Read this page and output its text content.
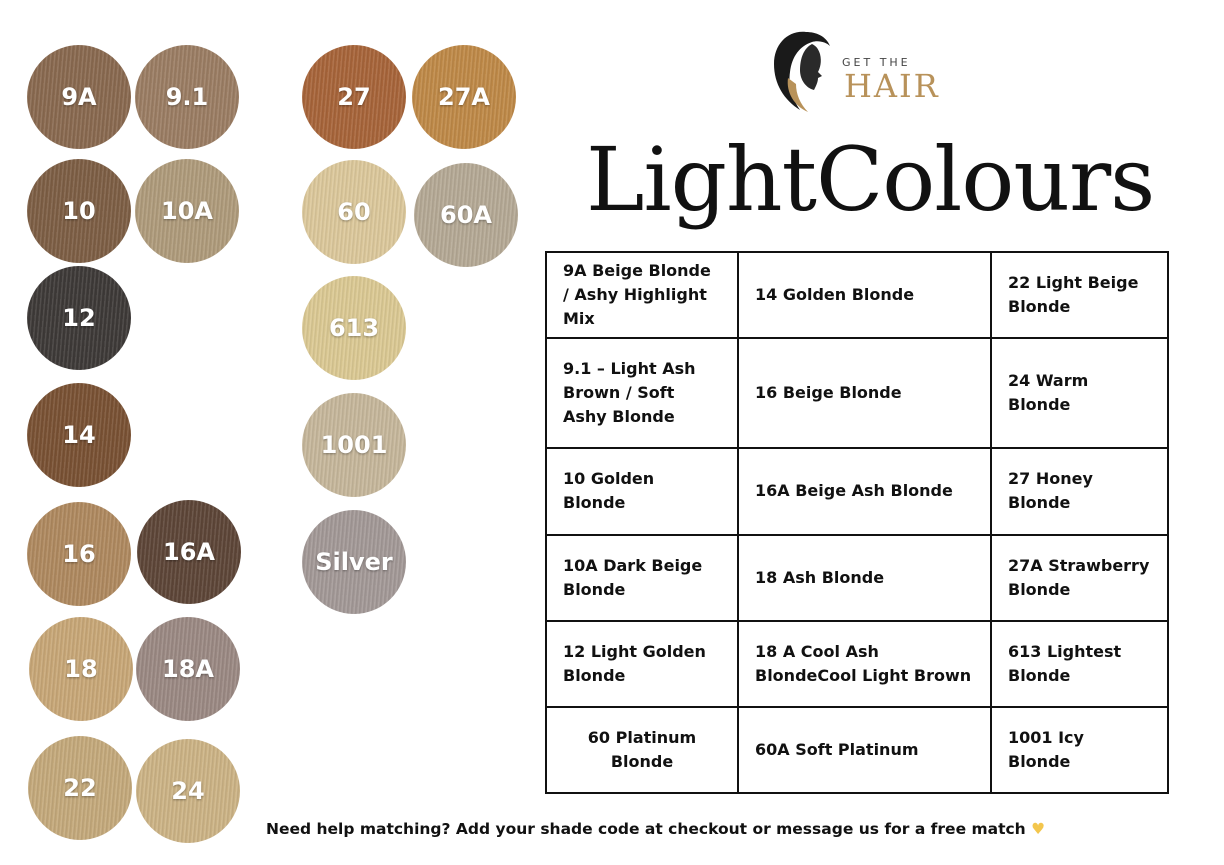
9A	9.1
10	10A
12
14
16	16A
18	18A
22	24
27	27A
60	60A
613
1001
Silver
GET THE
HAIR
LightColours
9A Beige Blonde / Ashy Highlight Mix	14 Golden Blonde	22 Light Beige Blonde
9.1 – Light Ash Brown / Soft Ashy Blonde	16 Beige Blonde	24 Warm Blonde
10 Golden Blonde	16A Beige Ash Blonde	27 Honey Blonde
10A Dark Beige Blonde	18 Ash Blonde	27A Strawberry Blonde
12 Light Golden Blonde	18 A Cool Ash BlondeCool Light Brown	613 Lightest Blonde
60 Platinum Blonde	60A Soft Platinum	1001 Icy Blonde
Need help matching? Add your shade code at checkout or message us for a free match ♥
